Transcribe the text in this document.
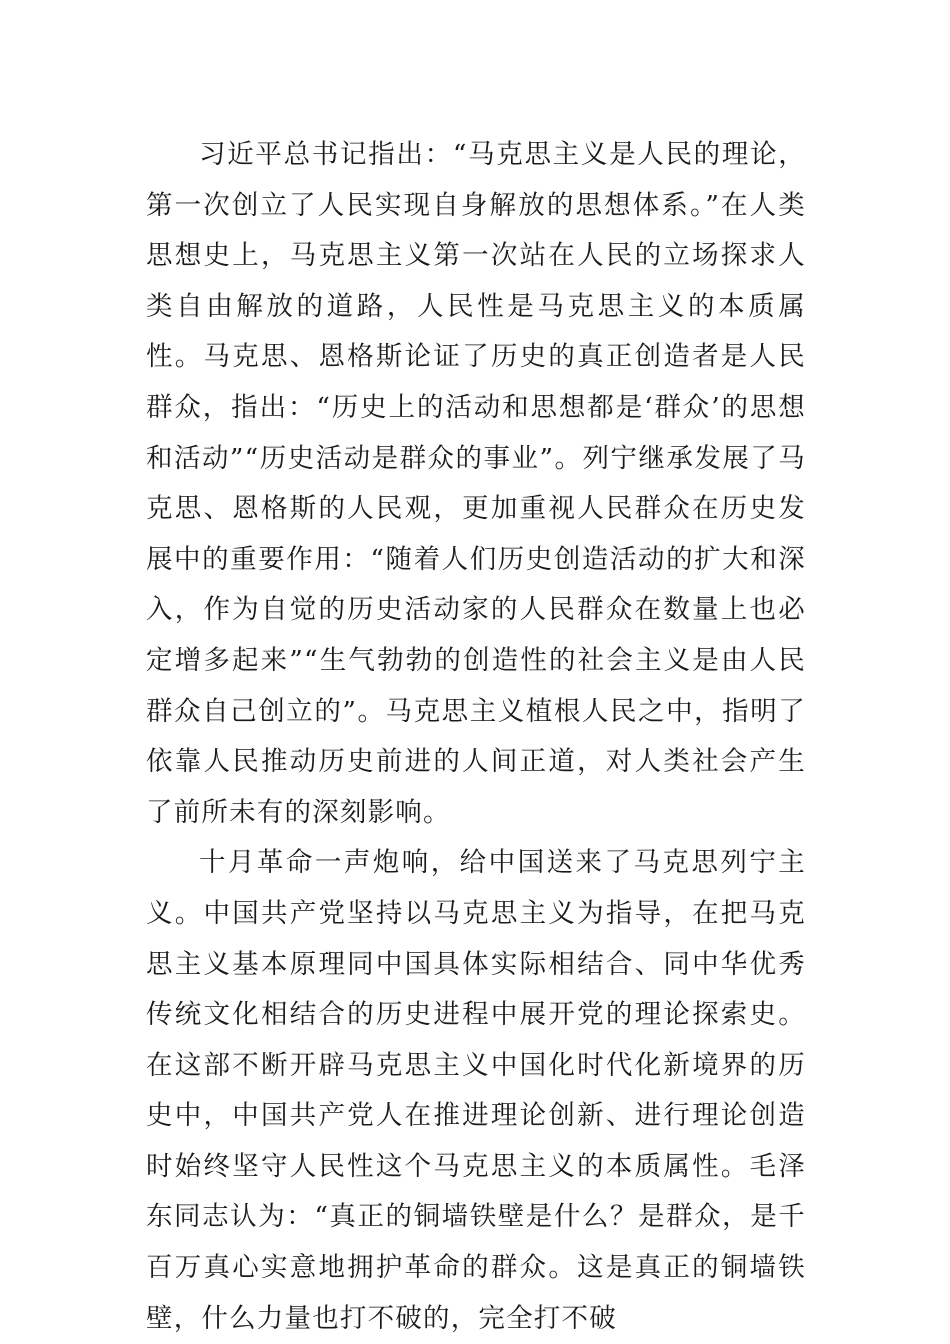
习近平总书记指出：“马克思主义是人民的理论，第一次创立了人民实现自身解放的思想体系。”在人类思想史上，马克思主义第一次站在人民的立场探求人类自由解放的道路，人民性是马克思主义的本质属性。马克思、恩格斯论证了历史的真正创造者是人民群众，指出：“历史上的活动和思想都是‘群众’的思想和活动”“历史活动是群众的事业”。列宁继承发展了马克思、恩格斯的人民观，更加重视人民群众在历史发展中的重要作用：“随着人们历史创造活动的扩大和深入，作为自觉的历史活动家的人民群众在数量上也必定增多起来”“生气勃勃的创造性的社会主义是由人民群众自己创立的”。马克思主义植根人民之中，指明了依靠人民推动历史前进的人间正道，对人类社会产生了前所未有的深刻影响。

十月革命一声炮响，给中国送来了马克思列宁主义。中国共产党坚持以马克思主义为指导，在把马克思主义基本原理同中国具体实际相结合、同中华优秀传统文化相结合的历史进程中展开党的理论探索史。在这部不断开辟马克思主义中国化时代化新境界的历史中，中国共产党人在推进理论创新、进行理论创造时始终坚守人民性这个马克思主义的本质属性。毛泽东同志认为：“真正的铜墙铁壁是什么？是群众，是千百万真心实意地拥护革命的群众。这是真正的铜墙铁壁，什么力量也打不破的，完全打不破
